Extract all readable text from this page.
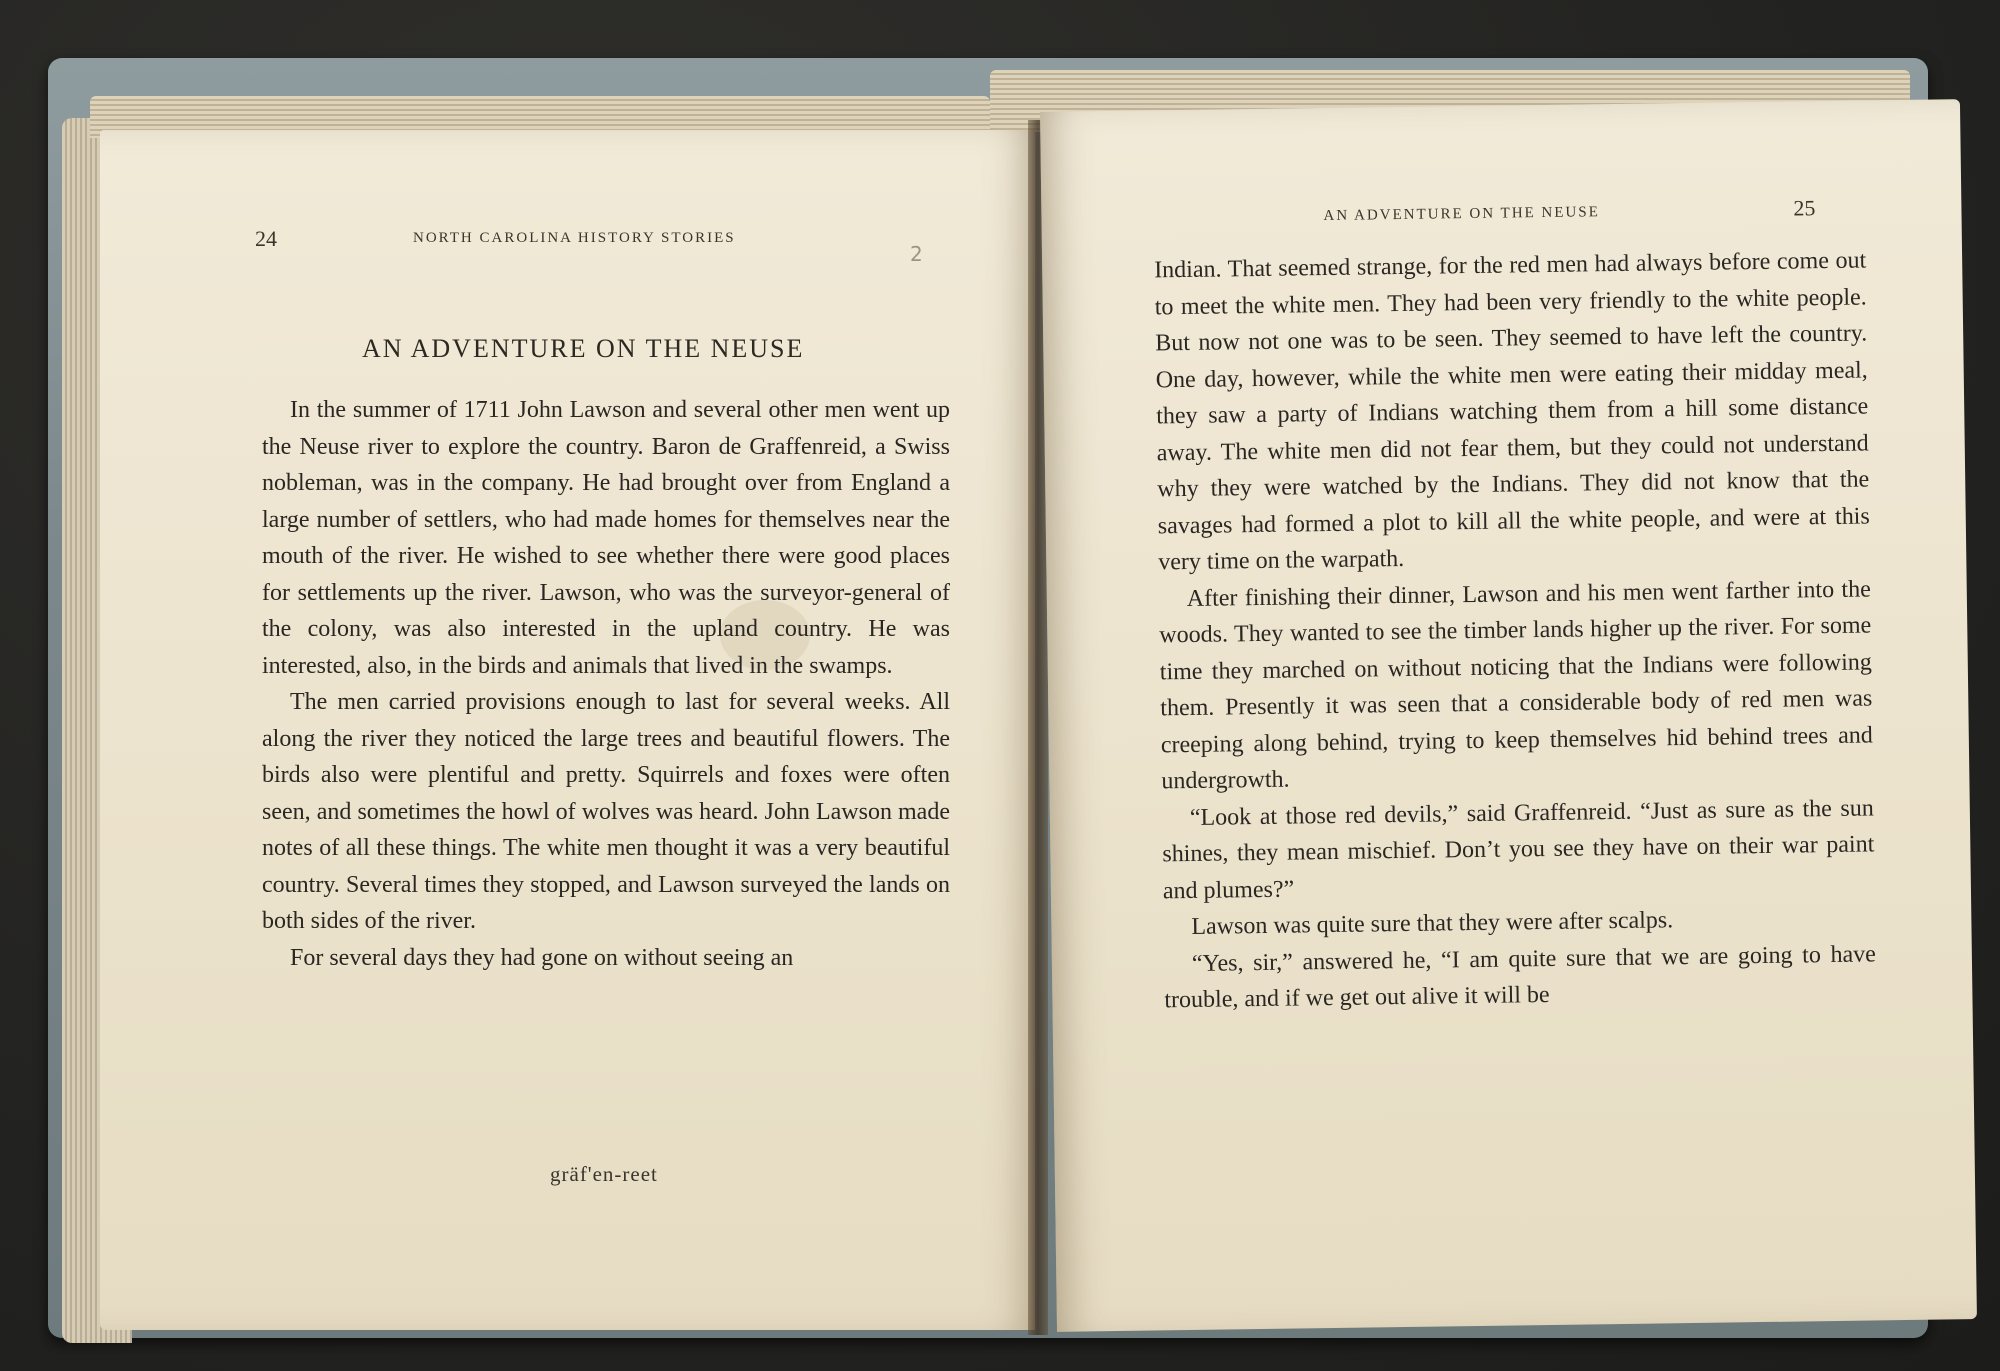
24	NORTH CAROLINA HISTORY STORIES
2
AN ADVENTURE ON THE NEUSE

In the summer of 1711 John Lawson and several other men went up the Neuse river to explore the country. Baron de Graffenreid, a Swiss nobleman, was in the company. He had brought over from England a large number of settlers, who had made homes for themselves near the mouth of the river. He wished to see whether there were good places for settlements up the river. Lawson, who was the surveyor-general of the colony, was also interested in the upland country. He was interested, also, in the birds and animals that lived in the swamps.

The men carried provisions enough to last for several weeks. All along the river they noticed the large trees and beautiful flowers. The birds also were plentiful and pretty. Squirrels and foxes were often seen, and sometimes the howl of wolves was heard. John Lawson made notes of all these things. The white men thought it was a very beautiful country. Several times they stopped, and Lawson surveyed the lands on both sides of the river.

For several days they had gone on without seeing an

gräf'en-reet
AN ADVENTURE ON THE NEUSE	25

Indian. That seemed strange, for the red men had always before come out to meet the white men. They had been very friendly to the white people. But now not one was to be seen. They seemed to have left the country. One day, however, while the white men were eating their midday meal, they saw a party of Indians watching them from a hill some distance away. The white men did not fear them, but they could not understand why they were watched by the Indians. They did not know that the savages had formed a plot to kill all the white people, and were at this very time on the warpath.

After finishing their dinner, Lawson and his men went farther into the woods. They wanted to see the timber lands higher up the river. For some time they marched on without noticing that the Indians were following them. Presently it was seen that a considerable body of red men was creeping along behind, trying to keep themselves hid behind trees and undergrowth.

“Look at those red devils,” said Graffenreid. “Just as sure as the sun shines, they mean mischief. Don’t you see they have on their war paint and plumes?”

Lawson was quite sure that they were after scalps.

“Yes, sir,” answered he, “I am quite sure that we are going to have trouble, and if we get out alive it will be
